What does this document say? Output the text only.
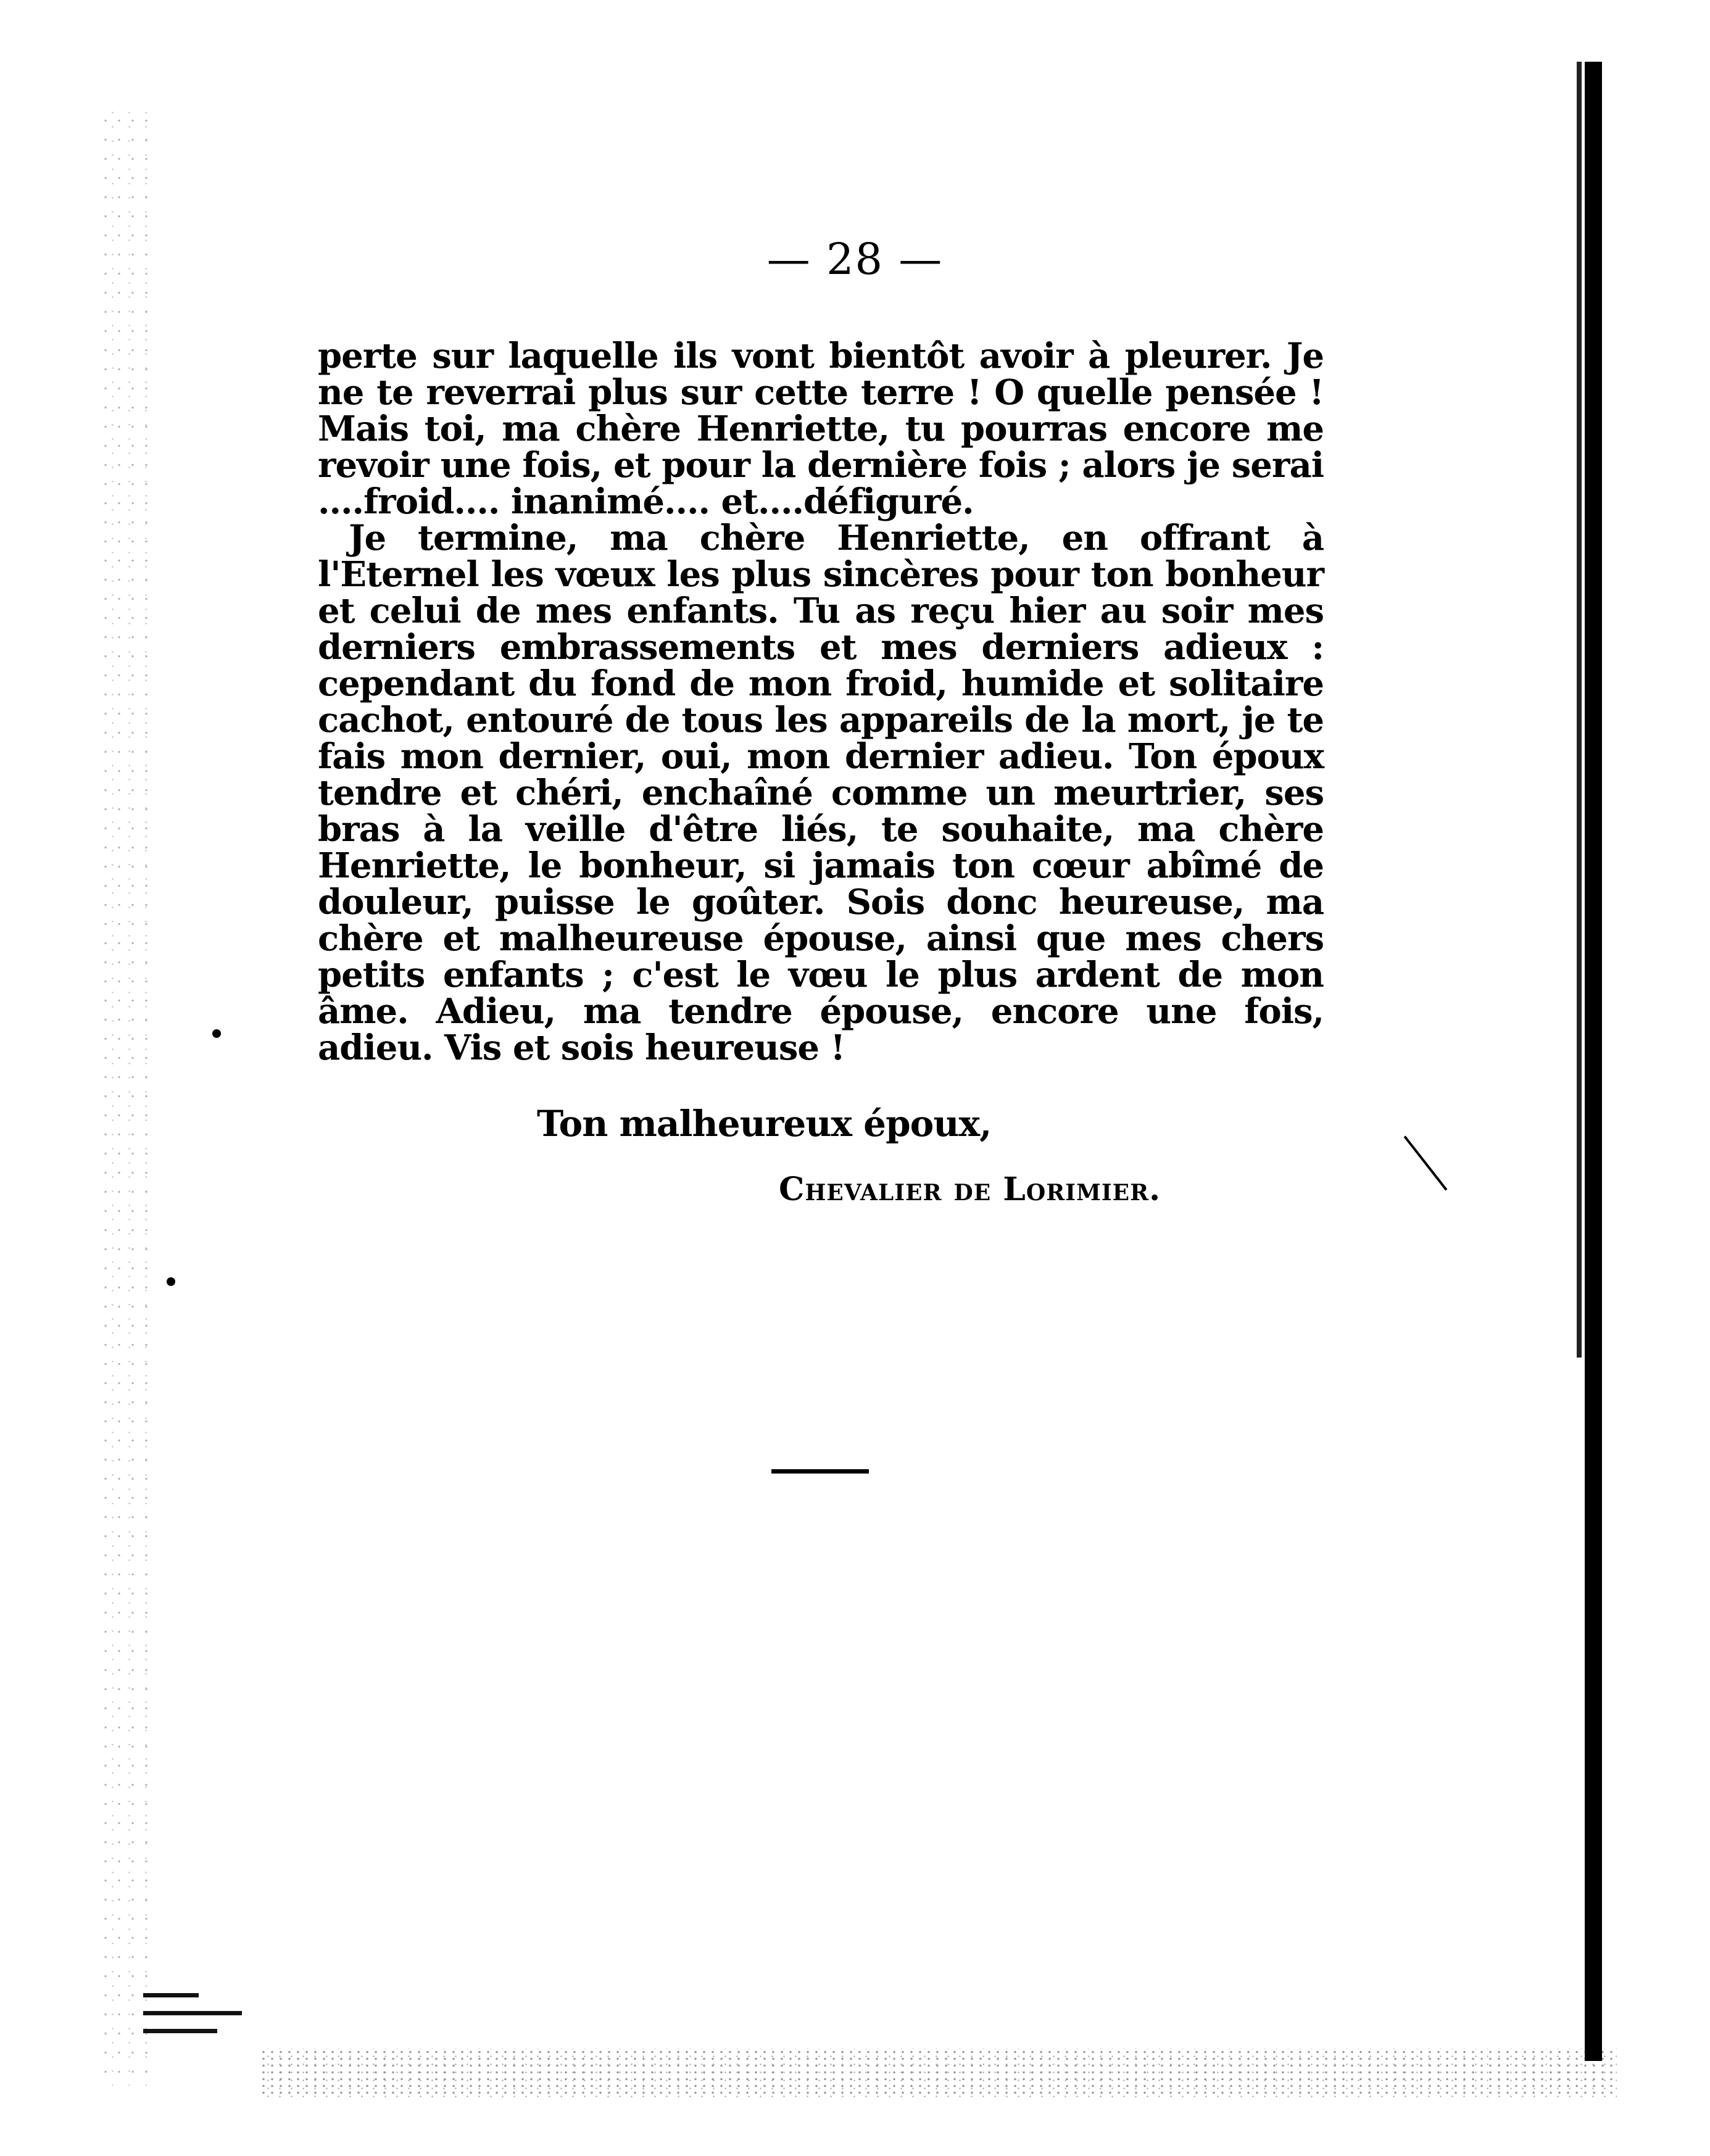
— 28 —

perte sur laquelle ils vont bientôt avoir à pleurer. Je ne te reverrai plus sur cette terre ! O quelle pensée ! Mais toi, ma chère Henriette, tu pourras encore me revoir une fois, et pour la dernière fois ; alors je serai ....froid.... inanimé.... et....défiguré.

Je termine, ma chère Henriette, en offrant à l'Eternel les vœux les plus sincères pour ton bonheur et celui de mes enfants. Tu as reçu hier au soir mes derniers embrassements et mes derniers adieux : cependant du fond de mon froid, humide et solitaire cachot, entouré de tous les appareils de la mort, je te fais mon dernier, oui, mon dernier adieu. Ton époux tendre et chéri, enchaîné comme un meurtrier, ses bras à la veille d'être liés, te souhaite, ma chère Henriette, le bonheur, si jamais ton cœur abîmé de douleur, puisse le goûter. Sois donc heureuse, ma chère et malheureuse épouse, ainsi que mes chers petits enfants ; c'est le vœu le plus ardent de mon âme. Adieu, ma tendre épouse, encore une fois, adieu. Vis et sois heureuse !

Ton malheureux époux,
Chevalier de Lorimier.
